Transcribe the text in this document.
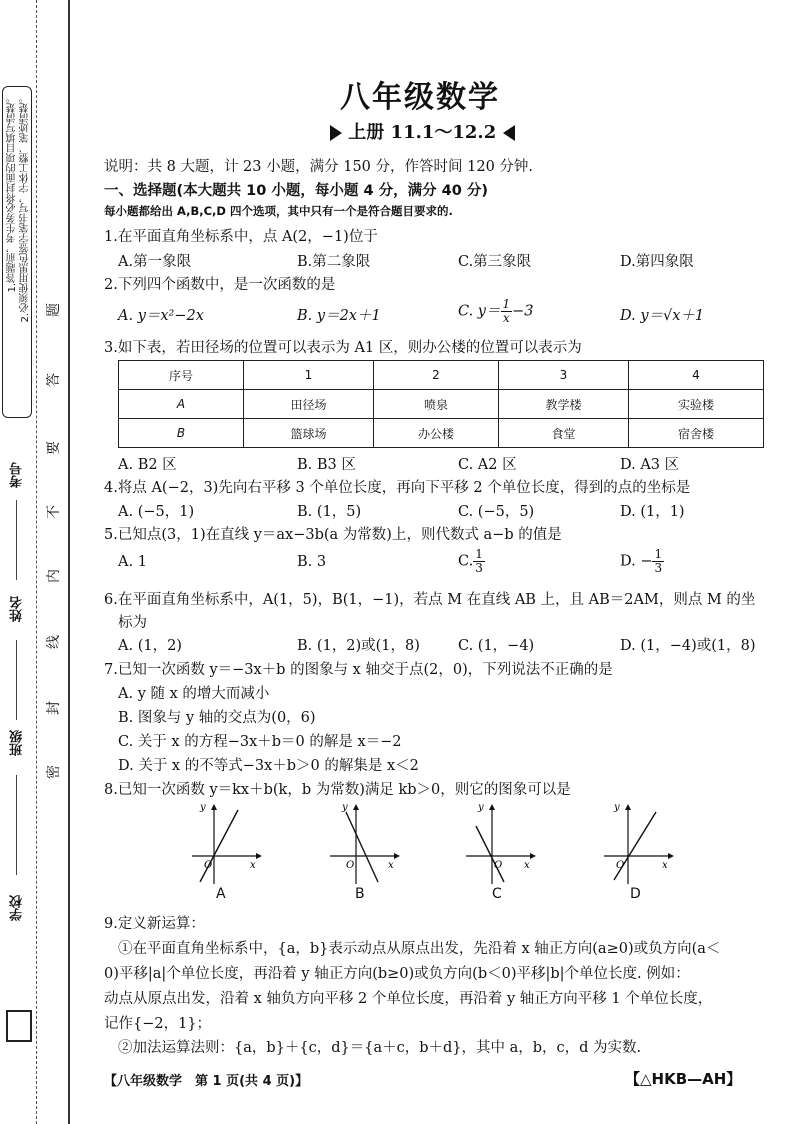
1.答题前，考生务必将封面的项目填写清楚。 2.必须使用黑色签字笔书写，字体工整、笔迹清楚。 题
答
要
不
内
线
封
密
考号
姓名
班级
学校
八年级数学
上册 11.1～12.2
说明：共 8 大题，计 23 小题，满分 150 分，作答时间 120 分钟.
一、选择题(本大题共 10 小题，每小题 4 分，满分 40 分)
每小题都给出 A,B,C,D 四个选项，其中只有一个是符合题目要求的.
1.在平面直角坐标系中，点 A(2，−1)位于
A.第一象限	B.第二象限	C.第三象限	D.第四象限
2.下列四个函数中，是一次函数的是
A. y＝x²−2x	B. y＝2x＋1	C. $y= \frac{1}{x} -3$	D. y＝√x＋1
3.如下表，若田径场的位置可以表示为 A1 区，则办公楼的位置可以表示为
序号	1	2	3	4
A	田径场	喷泉	教学楼	实验楼
B	篮球场	办公楼	食堂	宿舍楼
A. B2 区	B. B3 区	C. A2 区	D. A3 区
4.将点 A(−2，3)先向右平移 3 个单位长度，再向下平移 2 个单位长度，得到的点的坐标是
A. (−5，1)	B. (1，5)	C. (−5，5)	D. (1，1)
5.已知点(3，1)在直线 y＝ax−3b(a 为常数)上，则代数式 a−b 的值是
A. 1	B. 3	C. $\frac{1}{3}$	D. − $\frac{1}{3}$
6.在平面直角坐标系中，A(1，5)，B(1，−1)，若点 M 在直线 AB 上，且 AB＝2AM，则点 M 的坐
标为
A. (1，2)	B. (1，2)或(1，8)	C. (1，−4)	D. (1，−4)或(1，8)
7.已知一次函数 y＝−3x＋b 的图象与 x 轴交于点(2，0)，下列说法不正确的是
A. y 随 x 的增大而减小
B. 图象与 y 轴的交点为(0，6)
C. 关于 x 的方程−3x＋b＝0 的解是 x＝−2
D. 关于 x 的不等式−3x＋b＞0 的解集是 x＜2
8.已知一次函数 y＝kx＋b(k，b 为常数)满足 kb＞0，则它的图象可以是
y
x
O
A
y
x
O
B
y
x
O
C
y
x
O
D
9.定义新运算：
①在平面直角坐标系中，{a，b}表示动点从原点出发，先沿着 x 轴正方向(a≥0)或负方向(a＜
0)平移|a|个单位长度，再沿着 y 轴正方向(b≥0)或负方向(b＜0)平移|b|个单位长度. 例如：
动点从原点出发，沿着 x 轴负方向平移 2 个单位长度，再沿着 y 轴正方向平移 1 个单位长度，
记作{−2，1}；
②加法运算法则：{a，b}＋{c，d}＝{a＋c，b＋d}，其中 a，b，c，d 为实数.
【八年级数学　第 1 页(共 4 页)】	【△HKB—AH】
